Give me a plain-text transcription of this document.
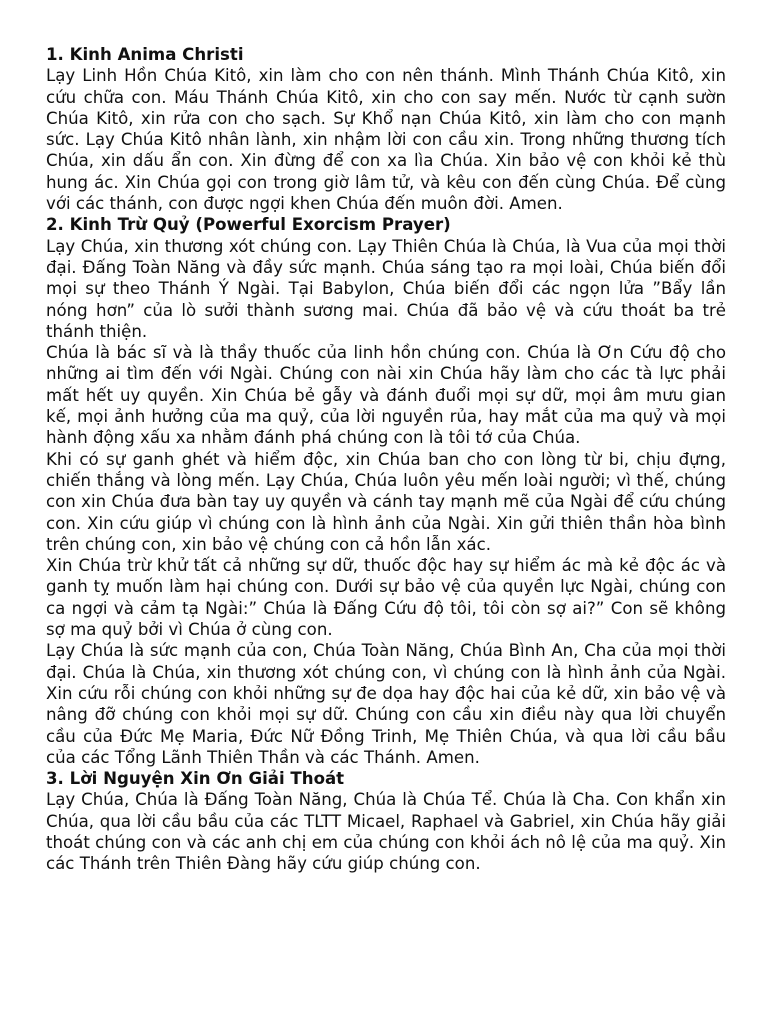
1. Kinh Anima Christi

Lạy Linh Hồn Chúa Kitô, xin làm cho con nên thánh. Mình Thánh Chúa Kitô, xin cứu chữa con. Máu Thánh Chúa Kitô, xin cho con say mến. Nước từ cạnh sườn Chúa Kitô, xin rửa con cho sạch. Sự Khổ nạn Chúa Kitô, xin làm cho con mạnh sức. Lạy Chúa Kitô nhân lành, xin nhậm lời con cầu xin. Trong những thương tích Chúa, xin dấu ẩn con. Xin đừng để con xa lìa Chúa. Xin bảo vệ con khỏi kẻ thù hung ác. Xin Chúa gọi con trong giờ lâm tử, và kêu con đến cùng Chúa. Để cùng với các thánh, con được ngợi khen Chúa đến muôn đời. Amen.

2. Kinh Trừ Quỷ (Powerful Exorcism Prayer)

Lạy Chúa, xin thương xót chúng con. Lạy Thiên Chúa là Chúa, là Vua của mọi thời đại. Đấng Toàn Năng và đầy sức mạnh. Chúa sáng tạo ra mọi loài, Chúa biến đổi mọi sự theo Thánh Ý Ngài. Tại Babylon, Chúa biến đổi các ngọn lửa ”Bẩy lần nóng hơn” của lò sưởi thành sương mai. Chúa đã bảo vệ và cứu thoát ba trẻ thánh thiện.

Chúa là bác sĩ và là thầy thuốc của linh hồn chúng con. Chúa là Ơn Cứu độ cho những ai tìm đến với Ngài. Chúng con nài xin Chúa hãy làm cho các tà lực phải mất hết uy quyền. Xin Chúa bẻ gẫy và đánh đuổi mọi sự dữ, mọi âm mưu gian kế, mọi ảnh hưởng của ma quỷ, của lời nguyền rủa, hay mắt của ma quỷ và mọi hành động xấu xa nhằm đánh phá chúng con là tôi tớ của Chúa.

Khi có sự ganh ghét và hiểm độc, xin Chúa ban cho con lòng từ bi, chịu đựng, chiến thắng và lòng mến. Lạy Chúa, Chúa luôn yêu mến loài người; vì thế, chúng con xin Chúa đưa bàn tay uy quyền và cánh tay mạnh mẽ của Ngài để cứu chúng con. Xin cứu giúp vì chúng con là hình ảnh của Ngài. Xin gửi thiên thần hòa bình trên chúng con, xin bảo vệ chúng con cả hồn lẫn xác.

Xin Chúa trừ khử tất cả những sự dữ, thuốc độc hay sự hiểm ác mà kẻ độc ác và ganh tỵ muốn làm hại chúng con. Dưới sự bảo vệ của quyền lực Ngài, chúng con ca ngợi và cảm tạ Ngài:” Chúa là Đấng Cứu độ tôi, tôi còn sợ ai?” Con sẽ không sợ ma quỷ bởi vì Chúa ở cùng con.

Lạy Chúa là sức mạnh của con, Chúa Toàn Năng, Chúa Bình An, Cha của mọi thời đại. Chúa là Chúa, xin thương xót chúng con, vì chúng con là hình ảnh của Ngài. Xin cứu rỗi chúng con khỏi những sự đe dọa hay độc hai của kẻ dữ, xin bảo vệ và nâng đỡ chúng con khỏi mọi sự dữ. Chúng con cầu xin điều này qua lời chuyển cầu của Đức Mẹ Maria, Đức Nữ Đồng Trinh, Mẹ Thiên Chúa, và qua lời cầu bầu của các Tổng Lãnh Thiên Thần và các Thánh. Amen.

3. Lời Nguyện Xin Ơn Giải Thoát

Lạy Chúa, Chúa là Đấng Toàn Năng, Chúa là Chúa Tể. Chúa là Cha. Con khẩn xin Chúa, qua lời cầu bầu của các TLTT Micael, Raphael và Gabriel, xin Chúa hãy giải thoát chúng con và các anh chị em của chúng con khỏi ách nô lệ của ma quỷ. Xin các Thánh trên Thiên Đàng hãy cứu giúp chúng con.
